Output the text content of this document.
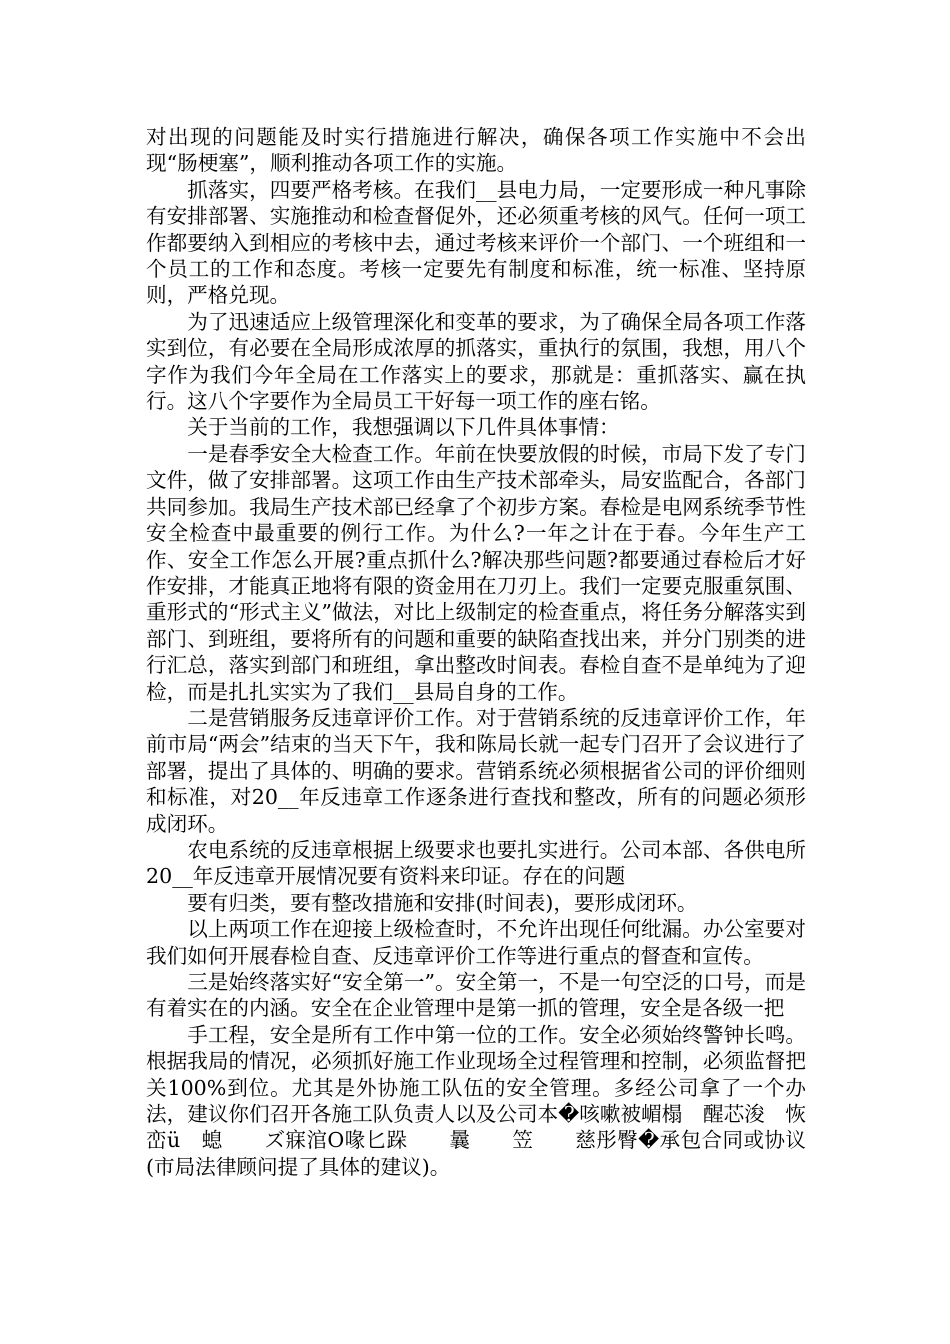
对出现的问题能及时实行措施进行解决，确保各项工作实施中不会出现“肠梗塞”，顺利推动各项工作的实施。

抓落实，四要严格考核。在我们__县电力局，一定要形成一种凡事除有安排部署、实施推动和检查督促外，还必须重考核的风气。任何一项工作都要纳入到相应的考核中去，通过考核来评价一个部门、一个班组和一个员工的工作和态度。考核一定要先有制度和标准，统一标准、坚持原则，严格兑现。

为了迅速适应上级管理深化和变革的要求，为了确保全局各项工作落实到位，有必要在全局形成浓厚的抓落实，重执行的氛围，我想，用八个字作为我们今年全局在工作落实上的要求，那就是：重抓落实、赢在执行。这八个字要作为全局员工干好每一项工作的座右铭。

关于当前的工作，我想强调以下几件具体事情：

一是春季安全大检查工作。年前在快要放假的时候，市局下发了专门文件，做了安排部署。这项工作由生产技术部牵头，局安监配合，各部门共同参加。我局生产技术部已经拿了个初步方案。春检是电网系统季节性安全检查中最重要的例行工作。为什么?一年之计在于春。今年生产工作、安全工作怎么开展?重点抓什么?解决那些问题?都要通过春检后才好作安排，才能真正地将有限的资金用在刀刃上。我们一定要克服重氛围、重形式的“形式主义”做法，对比上级制定的检查重点，将任务分解落实到部门、到班组，要将所有的问题和重要的缺陷查找出来，并分门别类的进行汇总，落实到部门和班组，拿出整改时间表。春检自查不是单纯为了迎检，而是扎扎实实为了我们__县局自身的工作。

二是营销服务反违章评价工作。对于营销系统的反违章评价工作，年前市局“两会”结束的当天下午，我和陈局长就一起专门召开了会议进行了部署，提出了具体的、明确的要求。营销系统必须根据省公司的评价细则和标准，对20__年反违章工作逐条进行查找和整改，所有的问题必须形成闭环。

农电系统的反违章根据上级要求也要扎实进行。公司本部、各供电所20__年反违章开展情况要有资料来印证。存在的问题

要有归类，要有整改措施和安排(时间表)，要形成闭环。

以上两项工作在迎接上级检查时，不允许出现任何纰漏。办公室要对我们如何开展春检自查、反违章评价工作等进行重点的督查和宣传。

三是始终落实好“安全第一”。安全第一，不是一句空泛的口号，而是有着实在的内涵。安全在企业管理中是第一抓的管理，安全是各级一把

手工程，安全是所有工作中第一位的工作。安全必须始终警钟长鸣。根据我局的情况，必须抓好施工作业现场全过程管理和控制，必须监督把关100%到位。尤其是外协施工队伍的安全管理。多经公司拿了一个办法，建议你们召开各施工队负责人以及公司本�咳嗽被嵋榻　醒芯浚　恢峦ü　螅　　ズ寐涫О喙匕跺　　曩　　笠　　慈彤臀�承包合同或协议(市局法律顾问提了具体的建议)。
